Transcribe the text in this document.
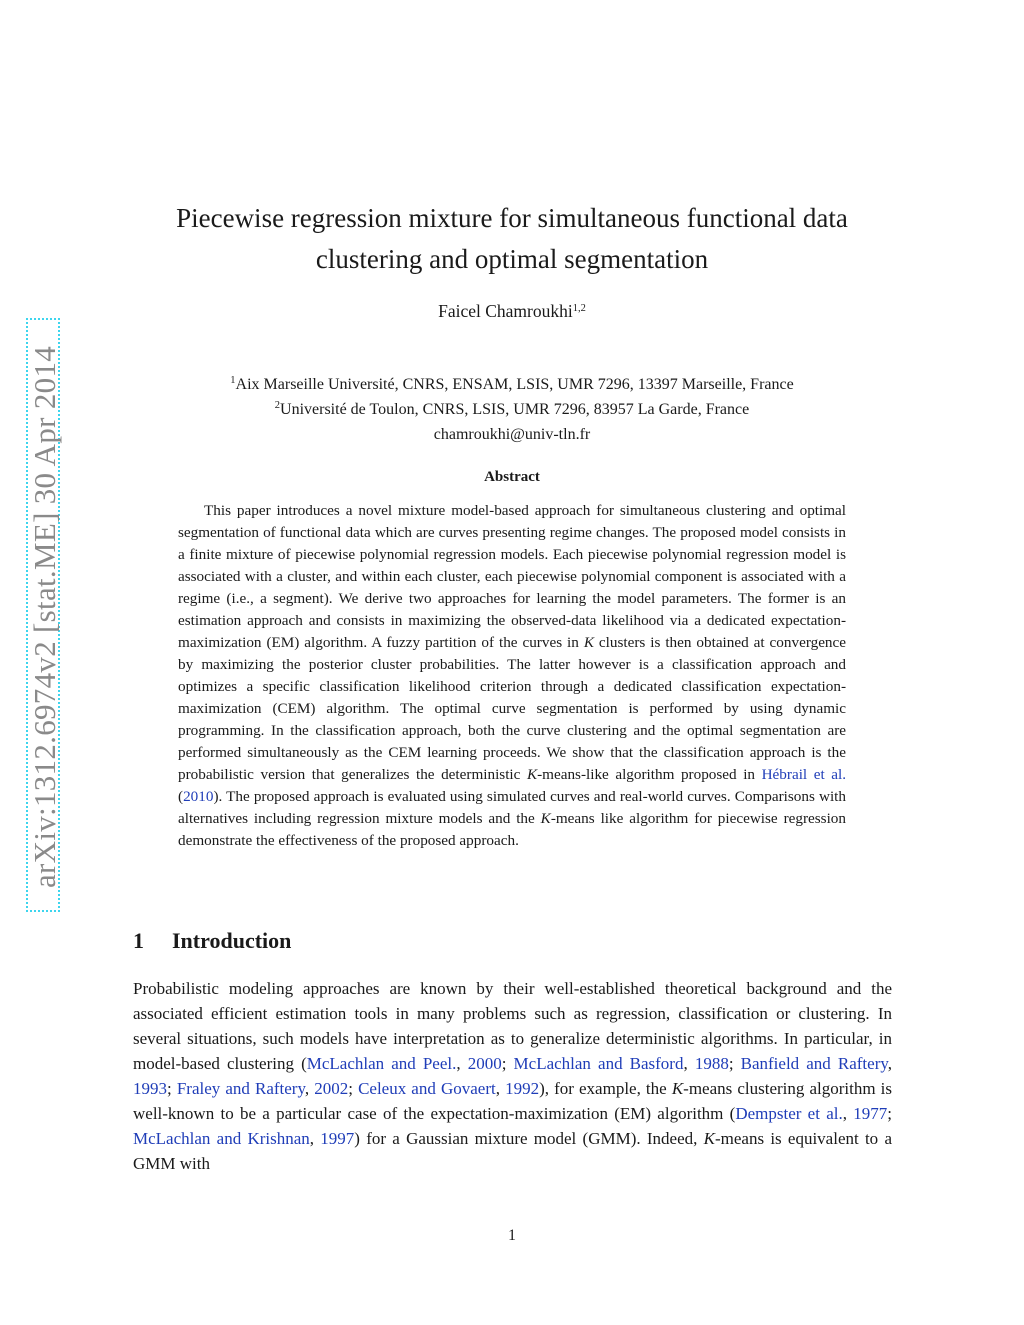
arXiv:1312.6974v2 [stat.ME] 30 Apr 2014
Piecewise regression mixture for simultaneous functional data
clustering and optimal segmentation
Faicel Chamroukhi$^{1,2}$
$^1$Aix Marseille Université, CNRS, ENSAM, LSIS, UMR 7296, 13397 Marseille, France
$^2$Université de Toulon, CNRS, LSIS, UMR 7296, 83957 La Garde, France
chamroukhi@univ-tln.fr
Abstract
This paper introduces a novel mixture model-based approach for simultaneous clustering and optimal segmentation of functional data which are curves presenting regime changes. The proposed model consists in a finite mixture of piecewise polynomial regression models. Each piecewise polynomial regression model is associated with a cluster, and within each cluster, each piecewise polynomial component is associated with a regime (i.e., a segment). We derive two approaches for learning the model parameters. The former is an estimation approach and consists in maximizing the observed-data likelihood via a dedicated expectation-maximization (EM) algorithm. A fuzzy partition of the curves in K clusters is then obtained at convergence by maximizing the posterior cluster probabilities. The latter however is a classification approach and optimizes a specific classification likelihood criterion through a dedicated classification expectation-maximization (CEM) algorithm. The optimal curve segmentation is performed by using dynamic programming. In the classification approach, both the curve clustering and the optimal segmentation are performed simultaneously as the CEM learning proceeds. We show that the classification approach is the probabilistic version that generalizes the deterministic K-means-like algorithm proposed in Hébrail et al. (2010). The proposed approach is evaluated using simulated curves and real-world curves. Comparisons with alternatives including regression mixture models and the K-means like algorithm for piecewise regression demonstrate the effectiveness of the proposed approach.
1 Introduction
Probabilistic modeling approaches are known by their well-established theoretical background and the associated efficient estimation tools in many problems such as regression, classification or clustering. In several situations, such models have interpretation as to generalize deterministic algorithms. In particular, in model-based clustering (McLachlan and Peel., 2000; McLachlan and Basford, 1988; Banfield and Raftery, 1993; Fraley and Raftery, 2002; Celeux and Govaert, 1992), for example, the K-means clustering algorithm is well-known to be a particular case of the expectation-maximization (EM) algorithm (Dempster et al., 1977; McLachlan and Krishnan, 1997) for a Gaussian mixture model (GMM). Indeed, K-means is equivalent to a GMM with
1
